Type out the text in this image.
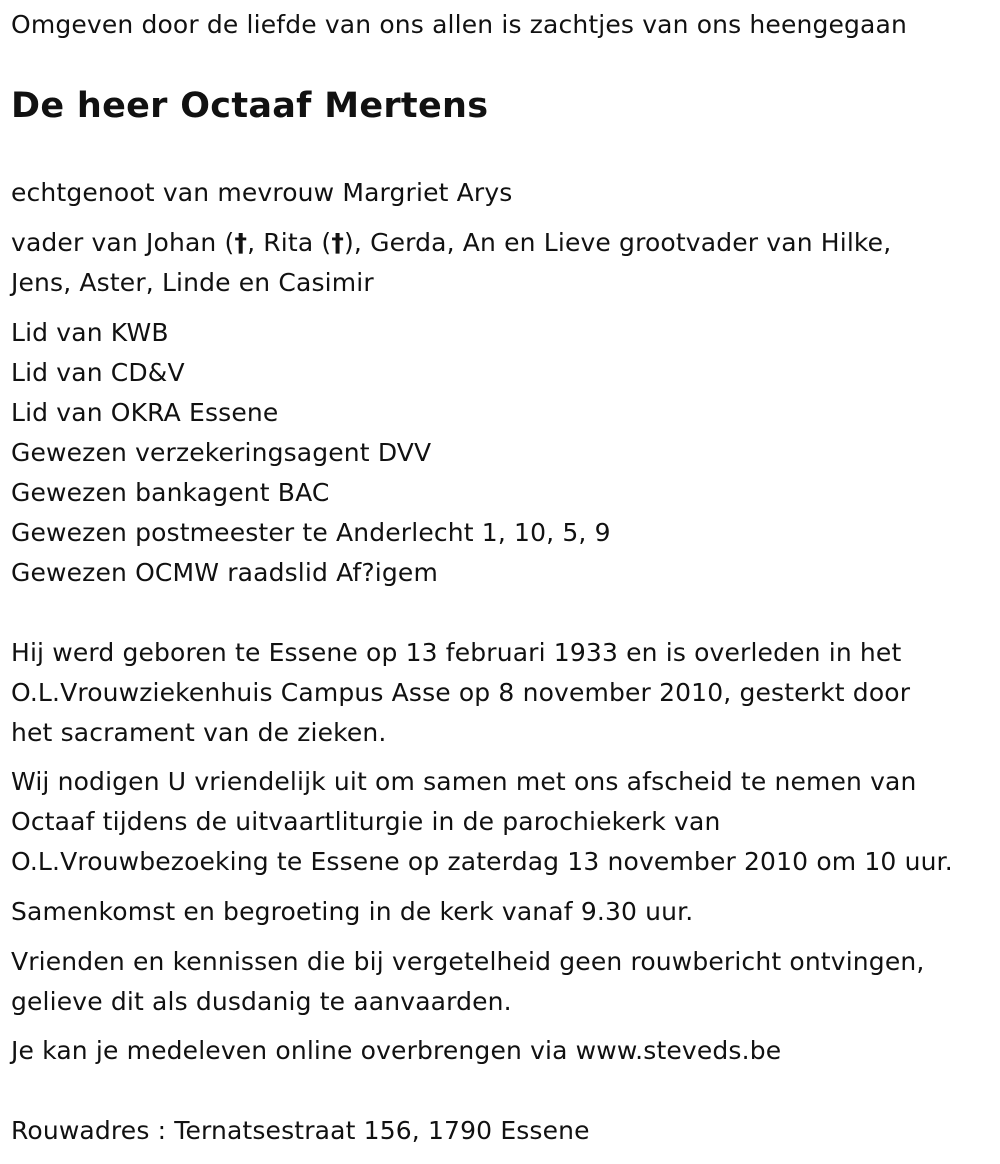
Omgeven door de liefde van ons allen is zachtjes van ons heengegaan
De heer Octaaf Mertens
echtgenoot van mevrouw Margriet Arys
vader van Johan (†, Rita (†), Gerda, An en Lieve grootvader van Hilke,
Jens, Aster, Linde en Casimir
Lid van KWB
Lid van CD&V
Lid van OKRA Essene
Gewezen verzekeringsagent DVV
Gewezen bankagent BAC
Gewezen postmeester te Anderlecht 1, 10, 5, 9
Gewezen OCMW raadslid Af?igem
Hij werd geboren te Essene op 13 februari 1933 en is overleden in het
O.L.Vrouwziekenhuis Campus Asse op 8 november 2010, gesterkt door
het sacrament van de zieken.
Wij nodigen U vriendelijk uit om samen met ons afscheid te nemen van
Octaaf tijdens de uitvaartliturgie in de parochiekerk van
O.L.Vrouwbezoeking te Essene op zaterdag 13 november 2010 om 10 uur.
Samenkomst en begroeting in de kerk vanaf 9.30 uur.
Vrienden en kennissen die bij vergetelheid geen rouwbericht ontvingen,
gelieve dit als dusdanig te aanvaarden.
Je kan je medeleven online overbrengen via www.steveds.be
Rouwadres : Ternatsestraat 156, 1790 Essene
